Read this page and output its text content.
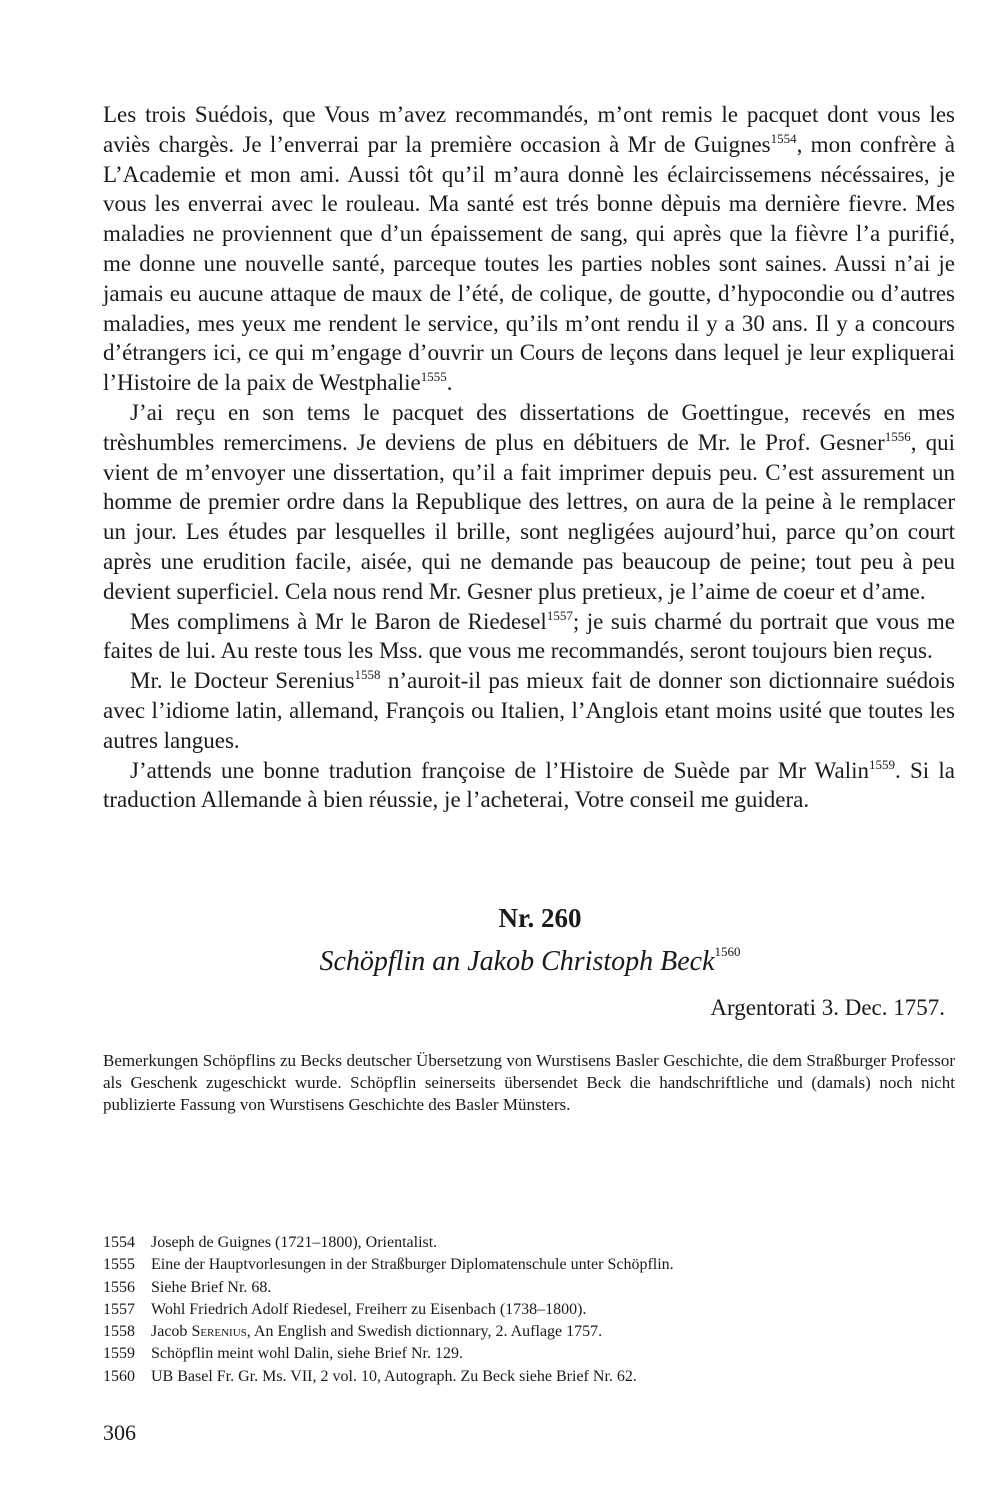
Les trois Suédois, que Vous m’avez recommandés, m’ont remis le pacquet dont vous les aviès chargès. Je l’enverrai par la première occasion à Mr de Guignes$^{1554}$, mon confrère à L’Academie et mon ami. Aussi tôt qu’il m’aura donnè les éclaircissemens nécéssaires, je vous les enverrai avec le rouleau. Ma santé est trés bonne dèpuis ma dernière fievre. Mes maladies ne proviennent que d’un épaissement de sang, qui après que la fièvre l’a purifié, me donne une nouvelle santé, parceque toutes les parties nobles sont saines. Aussi n’ai je jamais eu aucune attaque de maux de l’été, de colique, de goutte, d’hypocondie ou d’autres maladies, mes yeux me rendent le service, qu’ils m’ont rendu il y a 30 ans. Il y a concours d’étrangers ici, ce qui m’engage d’ouvrir un Cours de leçons dans lequel je leur expliquerai l’Histoire de la paix de Westphalie$^{1555}$.

J’ai reçu en son tems le pacquet des dissertations de Goettingue, recevés en mes trèshumbles remercimens. Je deviens de plus en débituers de Mr. le Prof. Gesner$^{1556}$, qui vient de m’envoyer une dissertation, qu’il a fait imprimer depuis peu. C’est assurement un homme de premier ordre dans la Republique des lettres, on aura de la peine à le remplacer un jour. Les études par lesquelles il brille, sont negligées aujourd’hui, parce qu’on court après une erudition facile, aisée, qui ne demande pas beaucoup de peine; tout peu à peu devient superficiel. Cela nous rend Mr. Gesner plus pretieux, je l’aime de coeur et d’ame.

Mes complimens à Mr le Baron de Riedesel$^{1557}$; je suis charmé du portrait que vous me faites de lui. Au reste tous les Mss. que vous me recommandés, seront toujours bien reçus.

Mr. le Docteur Serenius$^{1558}$ n’auroit-il pas mieux fait de donner son dictionnaire suédois avec l’idiome latin, allemand, François ou Italien, l’Anglois etant moins usité que toutes les autres langues.

J’attends une bonne tradution françoise de l’Histoire de Suède par Mr Walin$^{1559}$. Si la traduction Allemande à bien réussie, je l’acheterai, Votre conseil me guidera.

Nr. 260
Schöpflin an Jakob Christoph Beck$^{1560}$
Argentorati 3. Dec. 1757.
Bemerkungen Schöpflins zu Becks deutscher Übersetzung von Wurstisens Basler Geschichte, die dem Straßburger Professor als Geschenk zugeschickt wurde. Schöpflin seinerseits übersendet Beck die handschriftliche und (damals) noch nicht publizierte Fassung von Wurstisens Geschichte des Basler Münsters.
1554 Joseph de Guignes (1721–1800), Orientalist.
1555 Eine der Hauptvorlesungen in der Straßburger Diplomatenschule unter Schöpflin.
1556 Siehe Brief Nr. 68.
1557 Wohl Friedrich Adolf Riedesel, Freiherr zu Eisenbach (1738–1800).
1558 Jacob Serenius, An English and Swedish dictionnary, 2. Auflage 1757.
1559 Schöpflin meint wohl Dalin, siehe Brief Nr. 129.
1560 UB Basel Fr. Gr. Ms. VII, 2 vol. 10, Autograph. Zu Beck siehe Brief Nr. 62.
306
